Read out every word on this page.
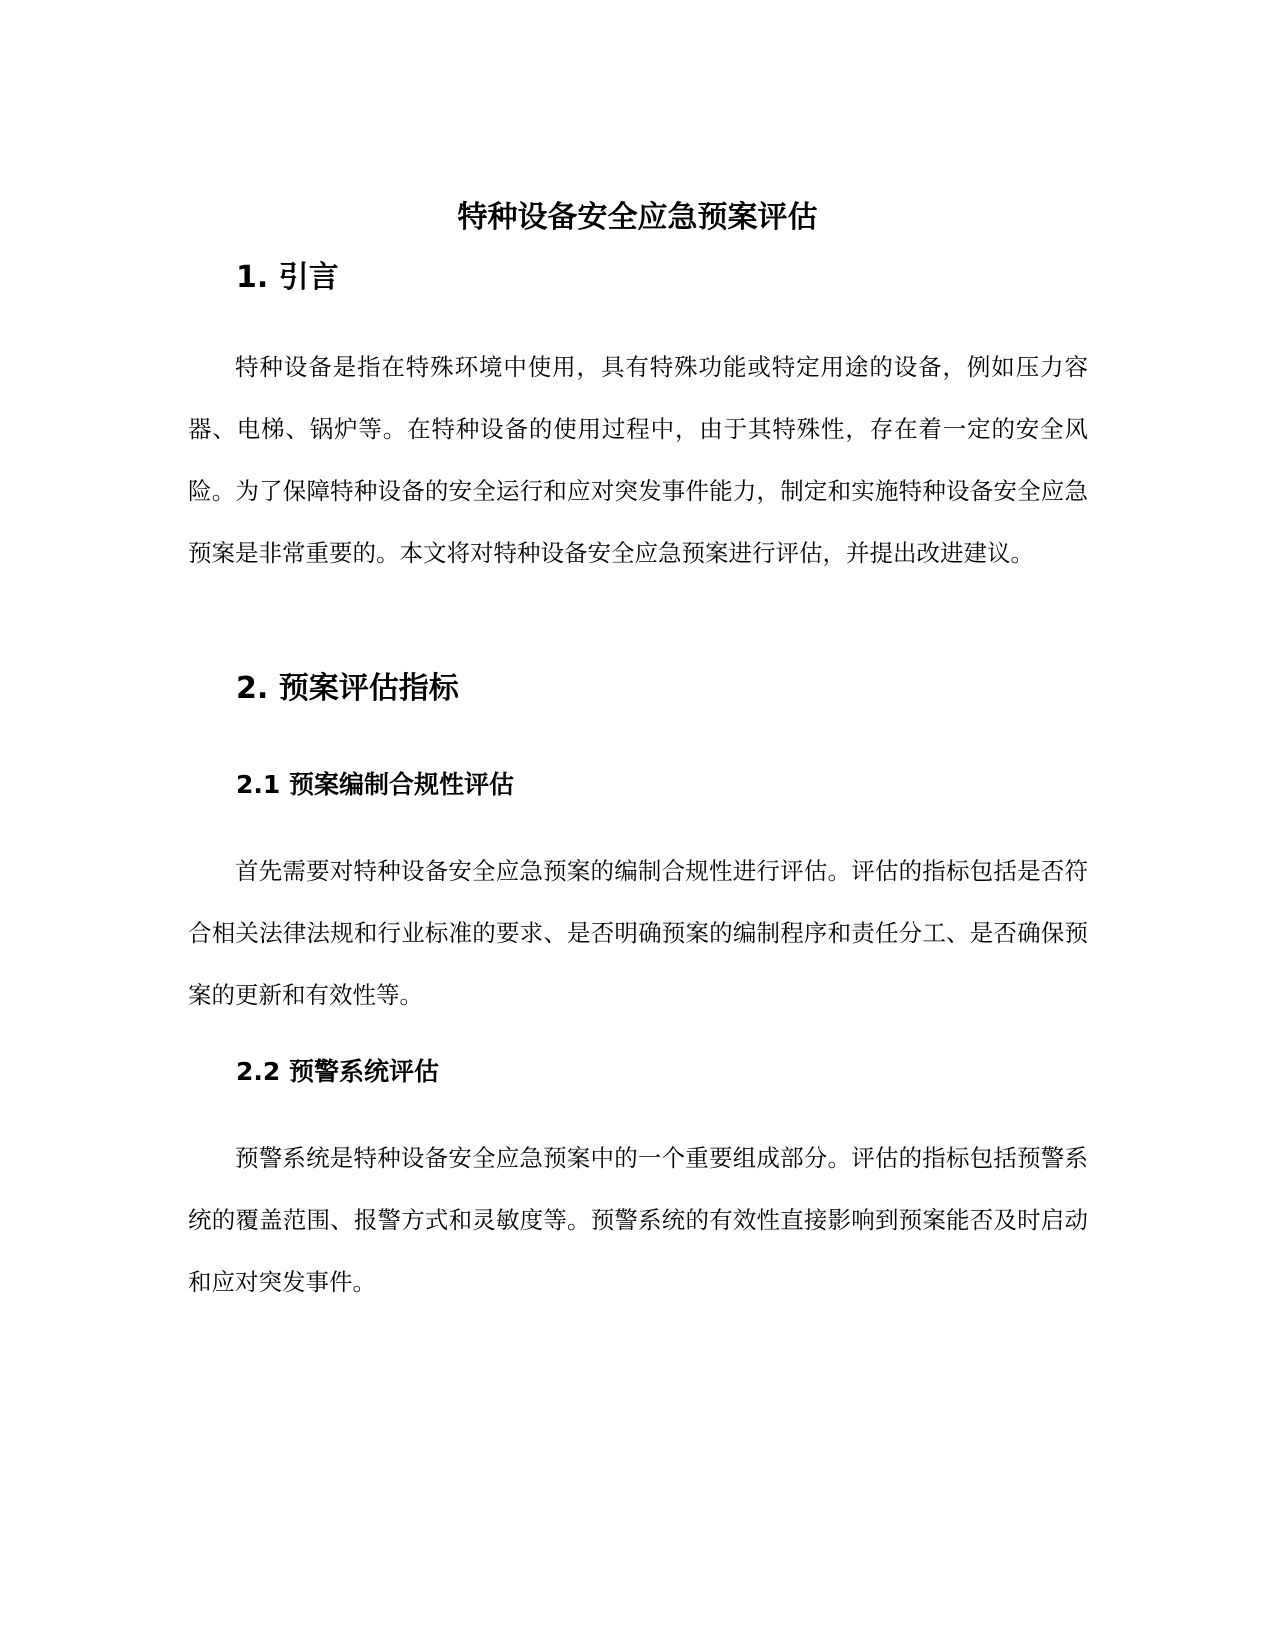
特种设备安全应急预案评估
1. 引言

特种设备是指在特殊环境中使用，具有特殊功能或特定用途的设备，例如压力容器、电梯、锅炉等。在特种设备的使用过程中，由于其特殊性，存在着一定的安全风险。为了保障特种设备的安全运行和应对突发事件能力，制定和实施特种设备安全应急预案是非常重要的。本文将对特种设备安全应急预案进行评估，并提出改进建议。

2. 预案评估指标
2.1 预案编制合规性评估

首先需要对特种设备安全应急预案的编制合规性进行评估。评估的指标包括是否符合相关法律法规和行业标准的要求、是否明确预案的编制程序和责任分工、是否确保预案的更新和有效性等。

2.2 预警系统评估

预警系统是特种设备安全应急预案中的一个重要组成部分。评估的指标包括预警系统的覆盖范围、报警方式和灵敏度等。预警系统的有效性直接影响到预案能否及时启动和应对突发事件。
